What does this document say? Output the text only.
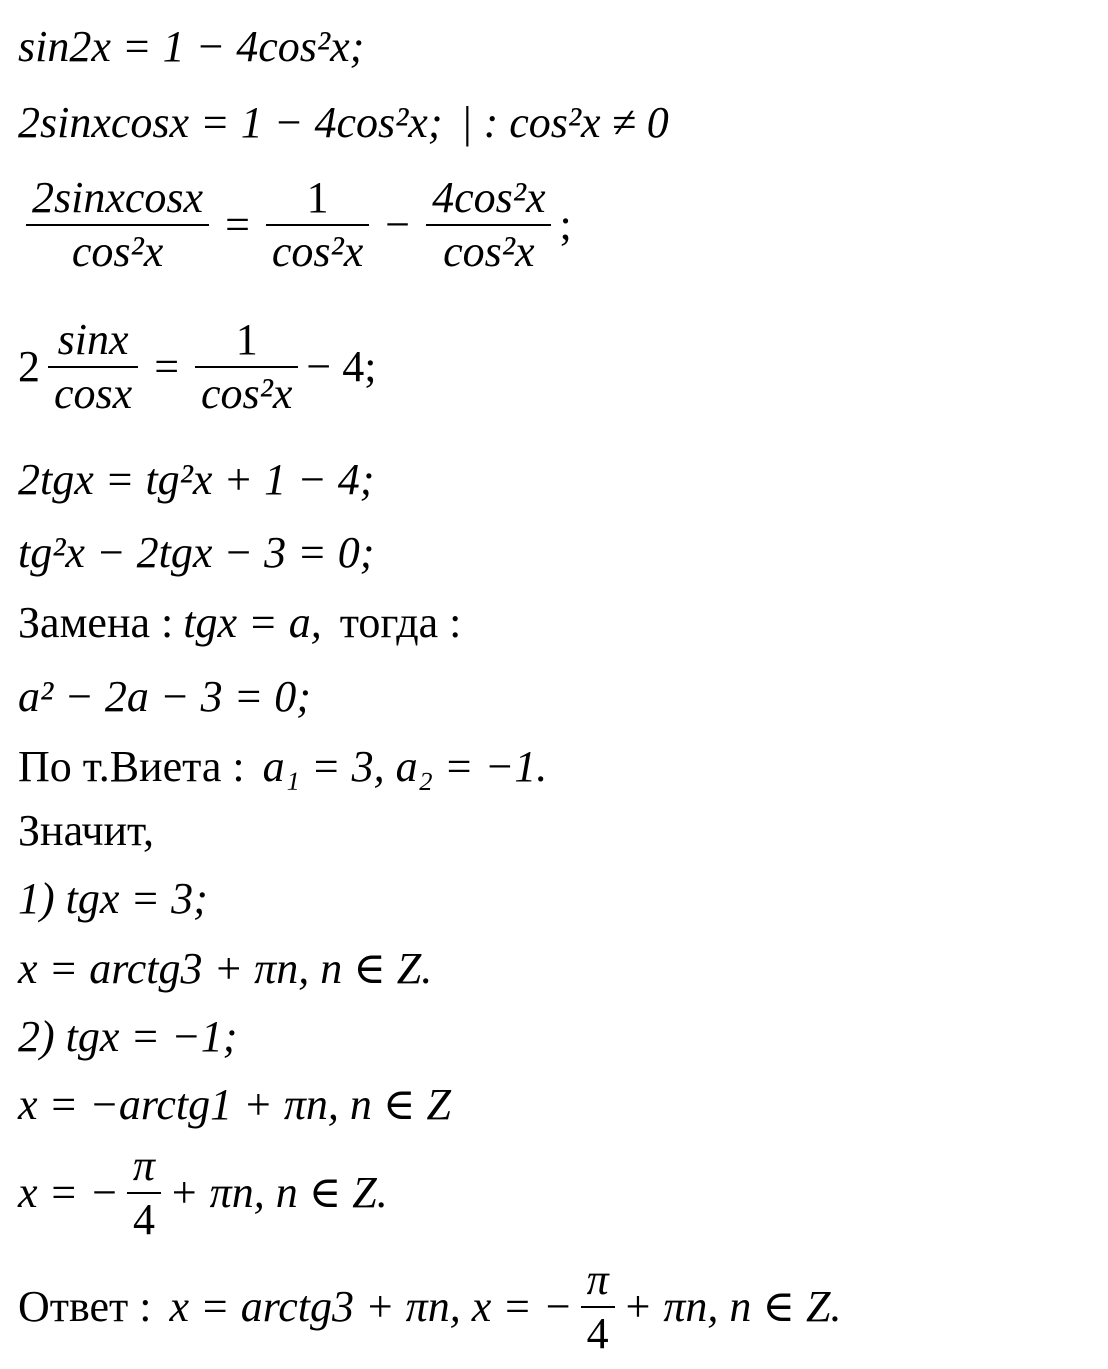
sin2x = 1 − 4cos²x;
2sinxcosx = 1 − 4cos²x; | : cos²x ≠ 0
$\frac{\text{2sinxcosx}}{\text{cos²x}} = \frac{1}{\text{cos²x}} - \frac{\text{4cos²x}}{\text{cos²x}}$ ;
$2 \frac{\sin x}{\cos x} = \frac{1}{\text{cos²x}} - 4$;
2tgx = tg²x + 1 − 4;
tg²x − 2tgx − 3 = 0;
Замена : tgx = a, тогда :
a² − 2a − 3 = 0;
По т.Виета : a₁ = 3, a₂ = −1.
Значит,
1) tgx = 3;
x = arctg3 + πn, n ∈ Z.
2) tgx = −1;
x = −arctg1 + πn, n ∈ Z
x = − $\frac{\pi}{4} + \pi n$, n ∈ Z.
Ответ : x = arctg3 + πn, x = − $\frac{\pi}{4} + \pi n$, n ∈ Z.
